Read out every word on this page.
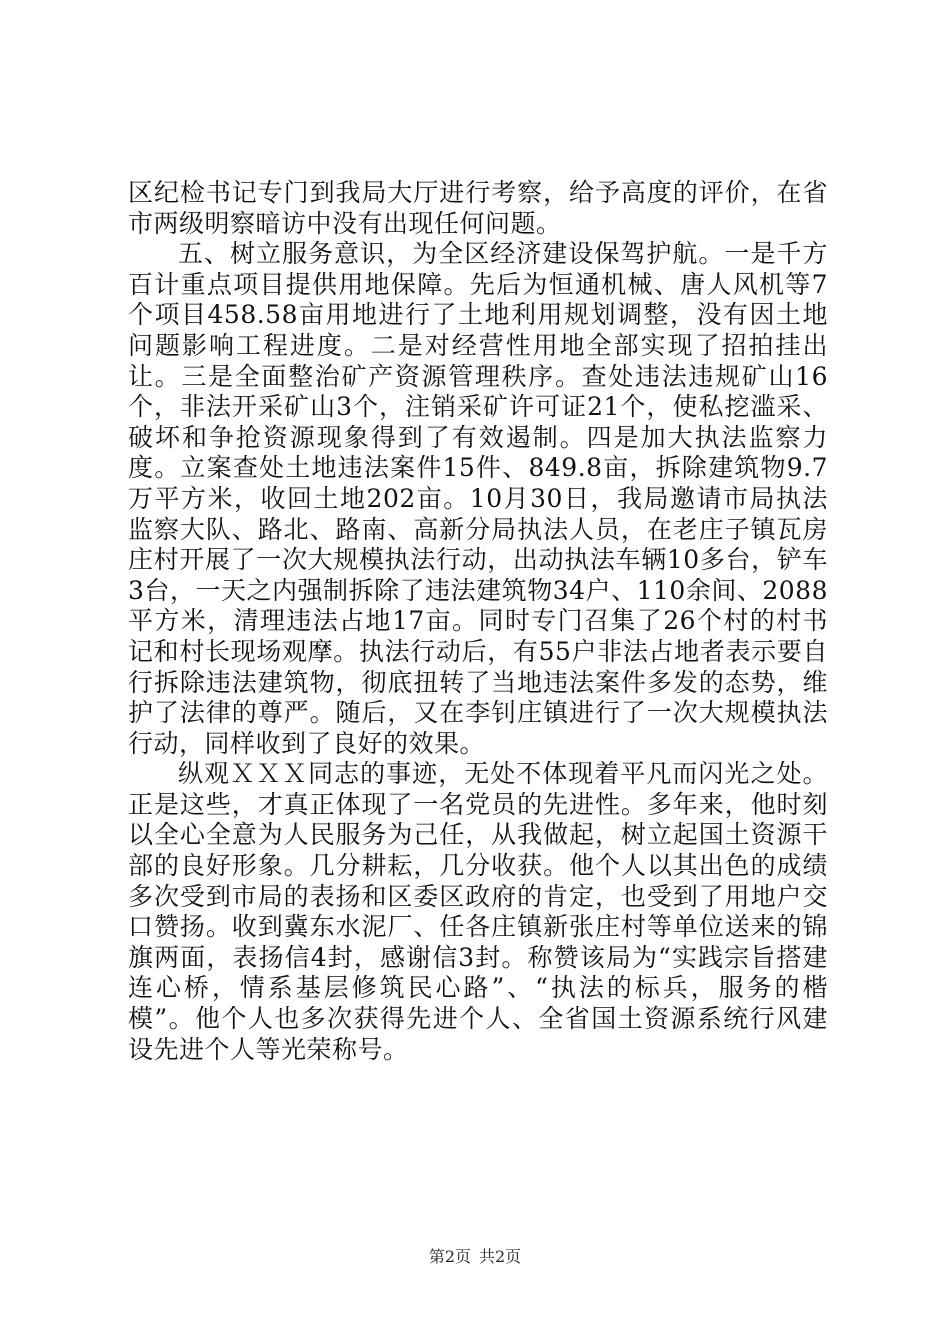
区纪检书记专门到我局大厅进行考察，给予高度的评价，在省市两级明察暗访中没有出现任何问题。

五、树立服务意识，为全区经济建设保驾护航。一是千方百计重点项目提供用地保障。先后为恒通机械、唐人风机等7个项目458.58亩用地进行了土地利用规划调整，没有因土地问题影响工程进度。二是对经营性用地全部实现了招拍挂出让。三是全面整治矿产资源管理秩序。查处违法违规矿山16个，非法开采矿山3个，注销采矿许可证21个，使私挖滥采、破坏和争抢资源现象得到了有效遏制。四是加大执法监察力度。立案查处土地违法案件15件、849.8亩，拆除建筑物9.7万平方米，收回土地202亩。10月30日，我局邀请市局执法监察大队、路北、路南、高新分局执法人员，在老庄子镇瓦房庄村开展了一次大规模执法行动，出动执法车辆10多台，铲车3台，一天之内强制拆除了违法建筑物34户、110余间、2088平方米，清理违法占地17亩。同时专门召集了26个村的村书记和村长现场观摩。执法行动后，有55户非法占地者表示要自行拆除违法建筑物，彻底扭转了当地违法案件多发的态势，维护了法律的尊严。随后，又在李钊庄镇进行了一次大规模执法行动，同样收到了良好的效果。

纵观ＸＸＸ同志的事迹，无处不体现着平凡而闪光之处。正是这些，才真正体现了一名党员的先进性。多年来，他时刻以全心全意为人民服务为己任，从我做起，树立起国土资源干部的良好形象。几分耕耘，几分收获。他个人以其出色的成绩多次受到市局的表扬和区委区政府的肯定，也受到了用地户交口赞扬。收到冀东水泥厂、任各庄镇新张庄村等单位送来的锦旗两面，表扬信4封，感谢信3封。称赞该局为“实践宗旨搭建连心桥，情系基层修筑民心路”、“执法的标兵，服务的楷模”。他个人也多次获得先进个人、全省国土资源系统行风建设先进个人等光荣称号。

第2页 共2页
